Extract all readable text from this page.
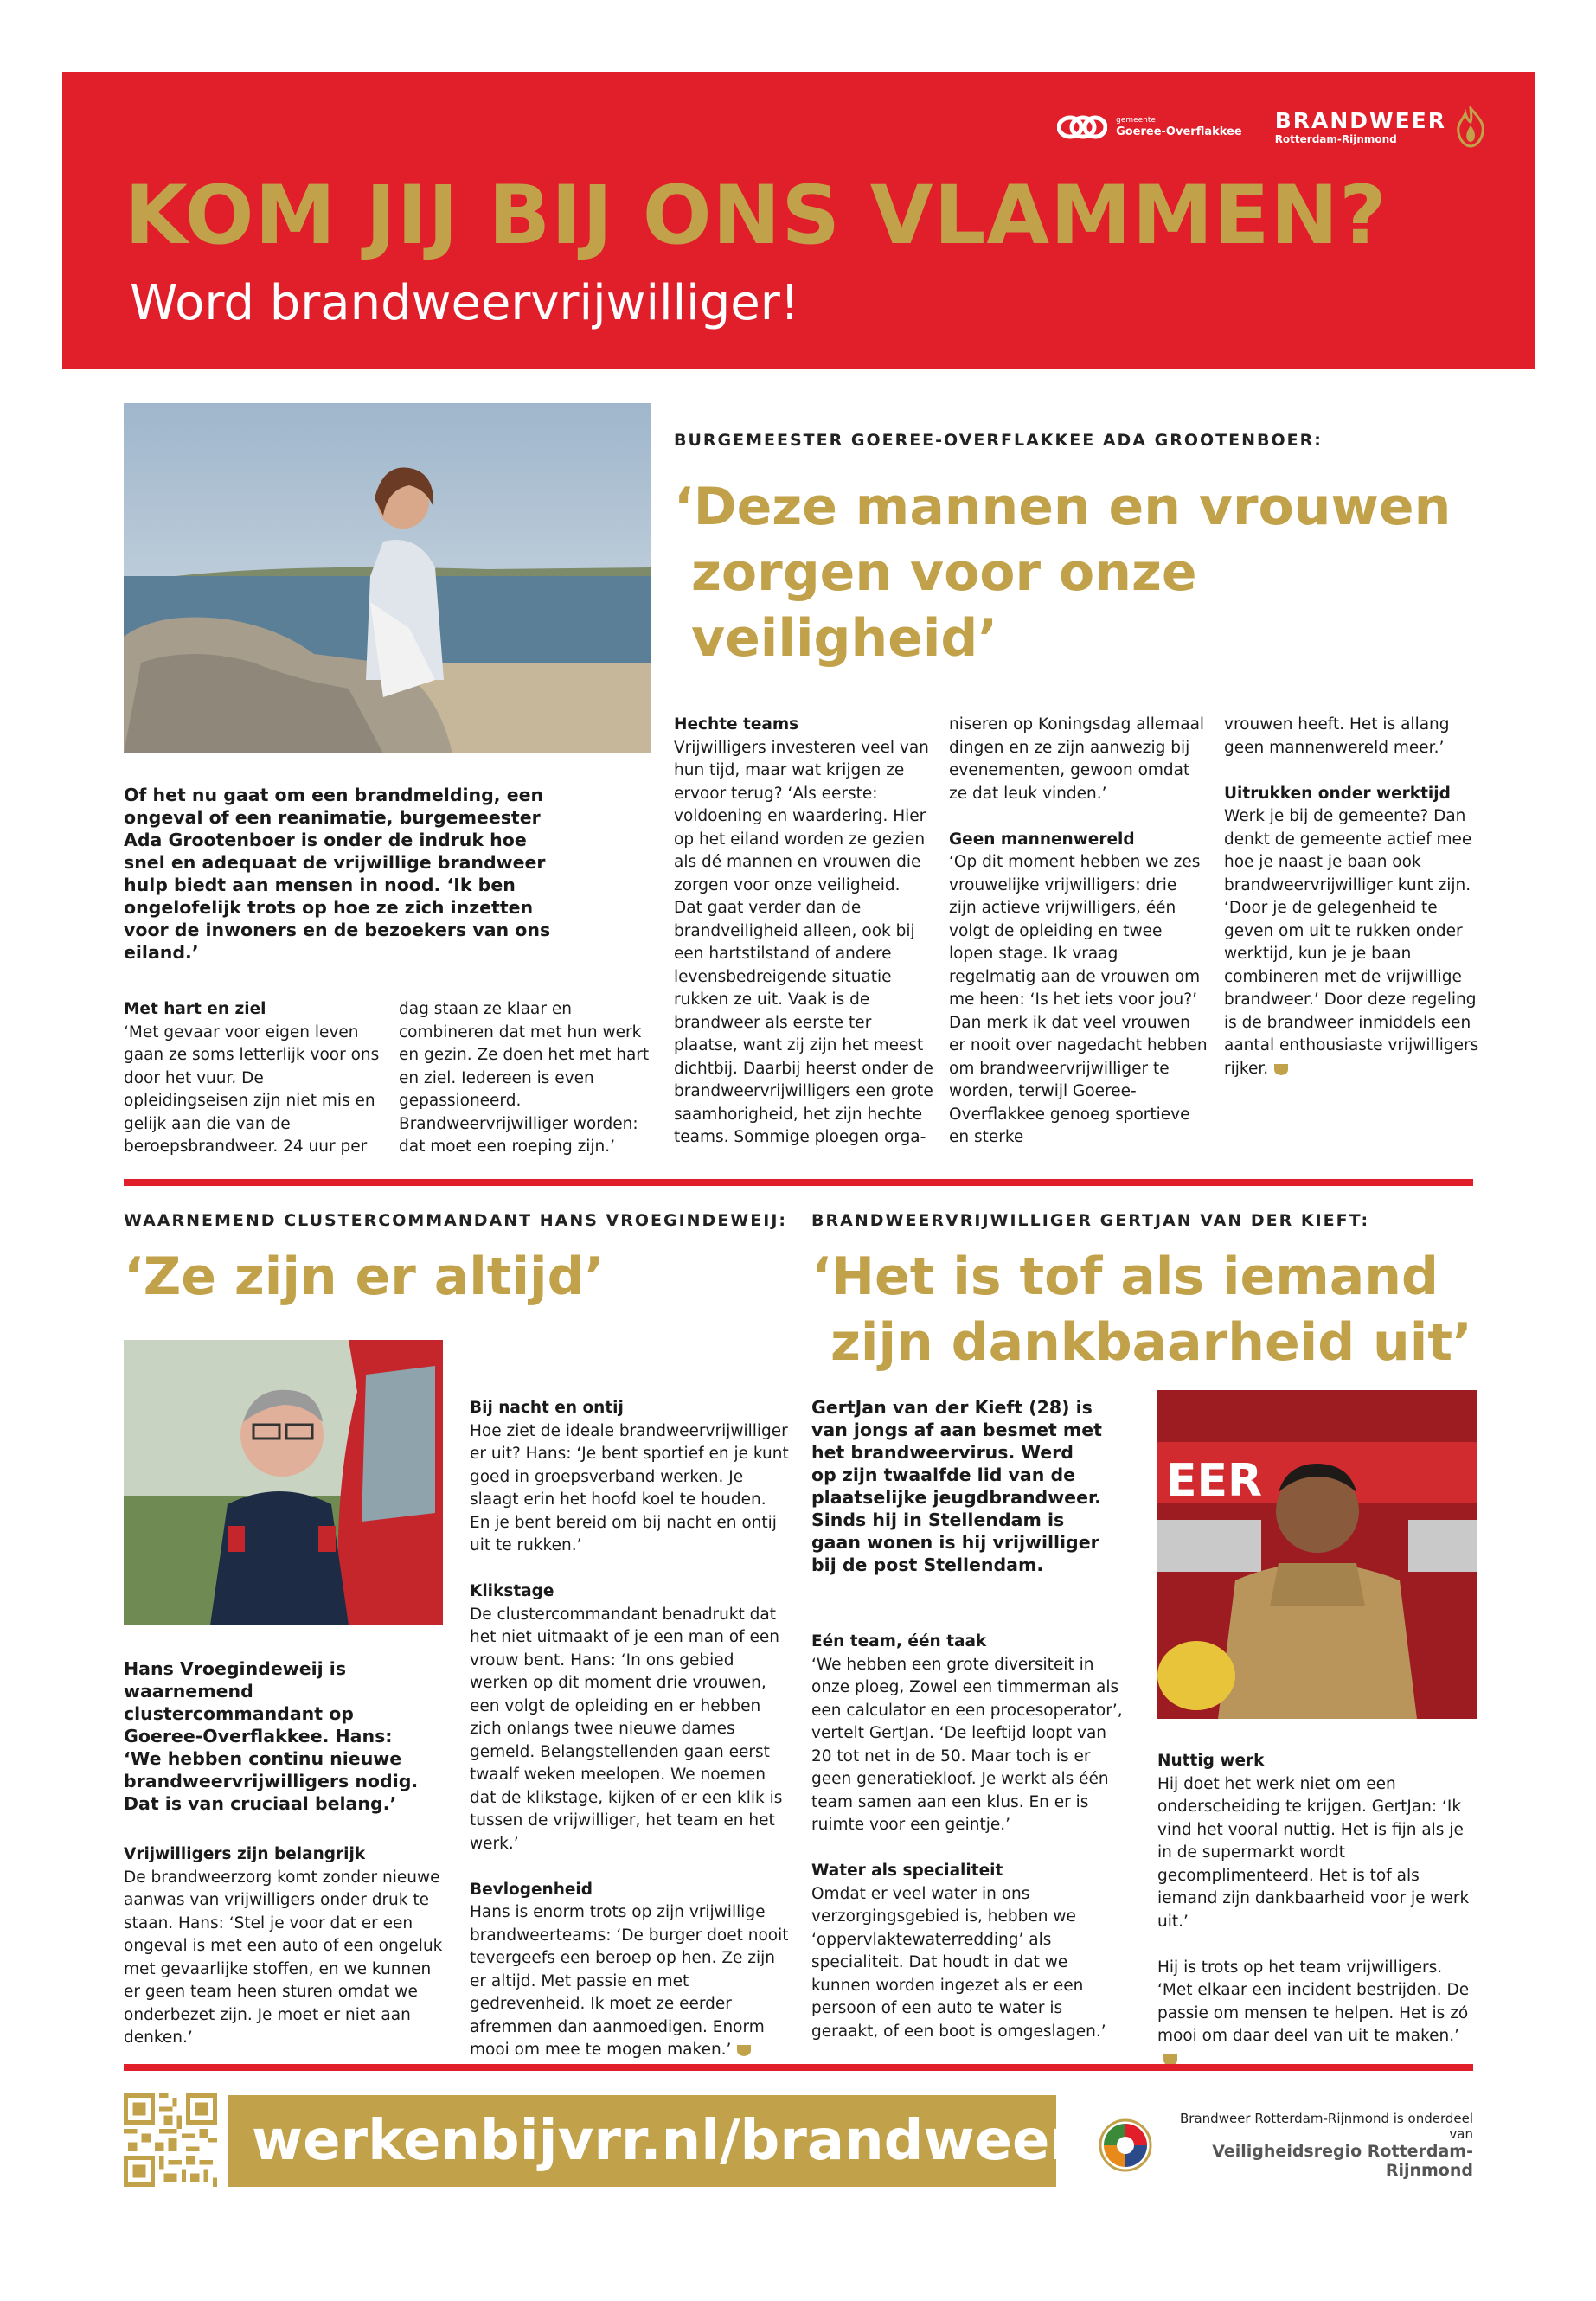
gemeente
Goeree-Overflakkee BRANDWEER
Rotterdam-Rijnmond
KOM JIJ BIJ ONS VLAMMEN?
Word brandweervrijwilliger!
BURGEMEESTER GOEREE-OVERFLAKKEE ADA GROOTENBOER:
‘Deze mannen en vrouwen
zorgen voor onze veiligheid’
Of het nu gaat om een brandmelding, een ongeval of een reanimatie, burgemeester Ada Grootenboer is onder de indruk hoe snel en adequaat de vrijwillige brandweer hulp biedt aan mensen in nood. ‘Ik ben ongelofelijk trots op hoe ze zich inzetten voor de inwoners en de bezoekers van ons eiland.’
Met hart en ziel

‘Met gevaar voor eigen leven gaan ze soms letterlijk voor ons door het vuur. De opleidingseisen zijn niet mis en gelijk aan die van de beroepsbrandweer. 24 uur per

dag staan ze klaar en combineren dat met hun werk en gezin. Ze doen het met hart en ziel. Iedereen is even gepassioneerd. Brandweervrijwilliger worden: dat moet een roeping zijn.’

Hechte teams

Vrijwilligers investeren veel van hun tijd, maar wat krijgen ze ervoor terug? ‘Als eerste: voldoening en waardering. Hier op het eiland worden ze gezien als dé mannen en vrouwen die zorgen voor onze veiligheid. Dat gaat verder dan de brandveiligheid alleen, ook bij een hartstilstand of andere levensbedreigende situatie rukken ze uit. Vaak is de brandweer als eerste ter plaatse, want zij zijn het meest dichtbij. Daarbij heerst onder de brandweervrijwilligers een grote saamhorigheid, het zijn hechte teams. Sommige ploegen orga-

niseren op Koningsdag allemaal dingen en ze zijn aanwezig bij evenementen, gewoon omdat ze dat leuk vinden.’

Geen mannenwereld

‘Op dit moment hebben we zes vrouwelijke vrijwilligers: drie zijn actieve vrijwilligers, één volgt de opleiding en twee lopen stage. Ik vraag regelmatig aan de vrouwen om me heen: ‘Is het iets voor jou?’ Dan merk ik dat veel vrouwen er nooit over nagedacht hebben om brandweervrijwilliger te worden, terwijl Goeree-Overflakkee genoeg sportieve en sterke

vrouwen heeft. Het is allang geen mannenwereld meer.’

Uitrukken onder werktijd

Werk je bij de gemeente? Dan denkt de gemeente actief mee hoe je naast je baan ook brandweervrijwilliger kunt zijn. ‘Door je de gelegenheid te geven om uit te rukken onder werktijd, kun je je baan combineren met de vrijwillige brandweer.’ Door deze regeling is de brandweer inmiddels een aantal enthousiaste vrijwilligers rijker.

WAARNEMEND CLUSTERCOMMANDANT HANS VROEGINDEWEIJ:
‘Ze zijn er altijd’
Hans Vroegindeweij is waarnemend clustercommandant op Goeree-Overflakkee. Hans: ‘We hebben continu nieuwe brandweervrijwilligers nodig. Dat is van cruciaal belang.’
Vrijwilligers zijn belangrijk

De brandweerzorg komt zonder nieuwe aanwas van vrijwilligers onder druk te staan. Hans: ‘Stel je voor dat er een ongeval is met een auto of een ongeluk met gevaarlijke stoffen, en we kunnen er geen team heen sturen omdat we onderbezet zijn. Je moet er niet aan denken.’

Bij nacht en ontij

Hoe ziet de ideale brandweervrijwilliger er uit? Hans: ‘Je bent sportief en je kunt goed in groepsverband werken. Je slaagt erin het hoofd koel te houden. En je bent bereid om bij nacht en ontij uit te rukken.’

Klikstage

De clustercommandant benadrukt dat het niet uitmaakt of je een man of een vrouw bent. Hans: ‘In ons gebied werken op dit moment drie vrouwen, een volgt de opleiding en er hebben zich onlangs twee nieuwe dames gemeld. Belangstellenden gaan eerst twaalf weken meelopen. We noemen dat de klikstage, kijken of er een klik is tussen de vrijwilliger, het team en het werk.’

Bevlogenheid

Hans is enorm trots op zijn vrijwillige brandweerteams: ‘De burger doet nooit tevergeefs een beroep op hen. Ze zijn er altijd. Met passie en met gedrevenheid. Ik moet ze eerder afremmen dan aanmoedigen. Enorm mooi om mee te mogen maken.’

BRANDWEERVRIJWILLIGER GERTJAN VAN DER KIEFT:
‘Het is tof als iemand
zijn dankbaarheid uit’
GertJan van der Kieft (28) is van jongs af aan besmet met het brandweervirus. Werd op zijn twaalfde lid van de plaatselijke jeugdbrandweer. Sinds hij in Stellendam is gaan wonen is hij vrijwilliger bij de post Stellendam.
Eén team, één taak

‘We hebben een grote diversiteit in onze ploeg, Zowel een timmerman als een calculator en een procesoperator’, vertelt GertJan. ‘De leeftijd loopt van 20 tot net in de 50. Maar toch is er geen generatiekloof. Je werkt als één team samen aan een klus. En er is ruimte voor een geintje.’

Water als specialiteit

Omdat er veel water in ons verzorgingsgebied is, hebben we ‘oppervlaktewaterredding’ als specialiteit. Dat houdt in dat we kunnen worden ingezet als er een persoon of een auto te water is geraakt, of een boot is omgeslagen.’

EER
Nuttig werk

Hij doet het werk niet om een onderscheiding te krijgen. GertJan: ‘Ik vind het vooral nuttig. Het is fijn als je in de supermarkt wordt gecomplimenteerd. Het is tof als iemand zijn dankbaarheid voor je werk uit.’

Hij is trots op het team vrijwilligers. ‘Met elkaar een incident bestrijden. De passie om mensen te helpen. Het is zó mooi om daar deel van uit te maken.’

werkenbijvrr.nl/brandweer	Brandweer Rotterdam-Rijnmond is onderdeel van
Veiligheidsregio Rotterdam-Rijnmond
